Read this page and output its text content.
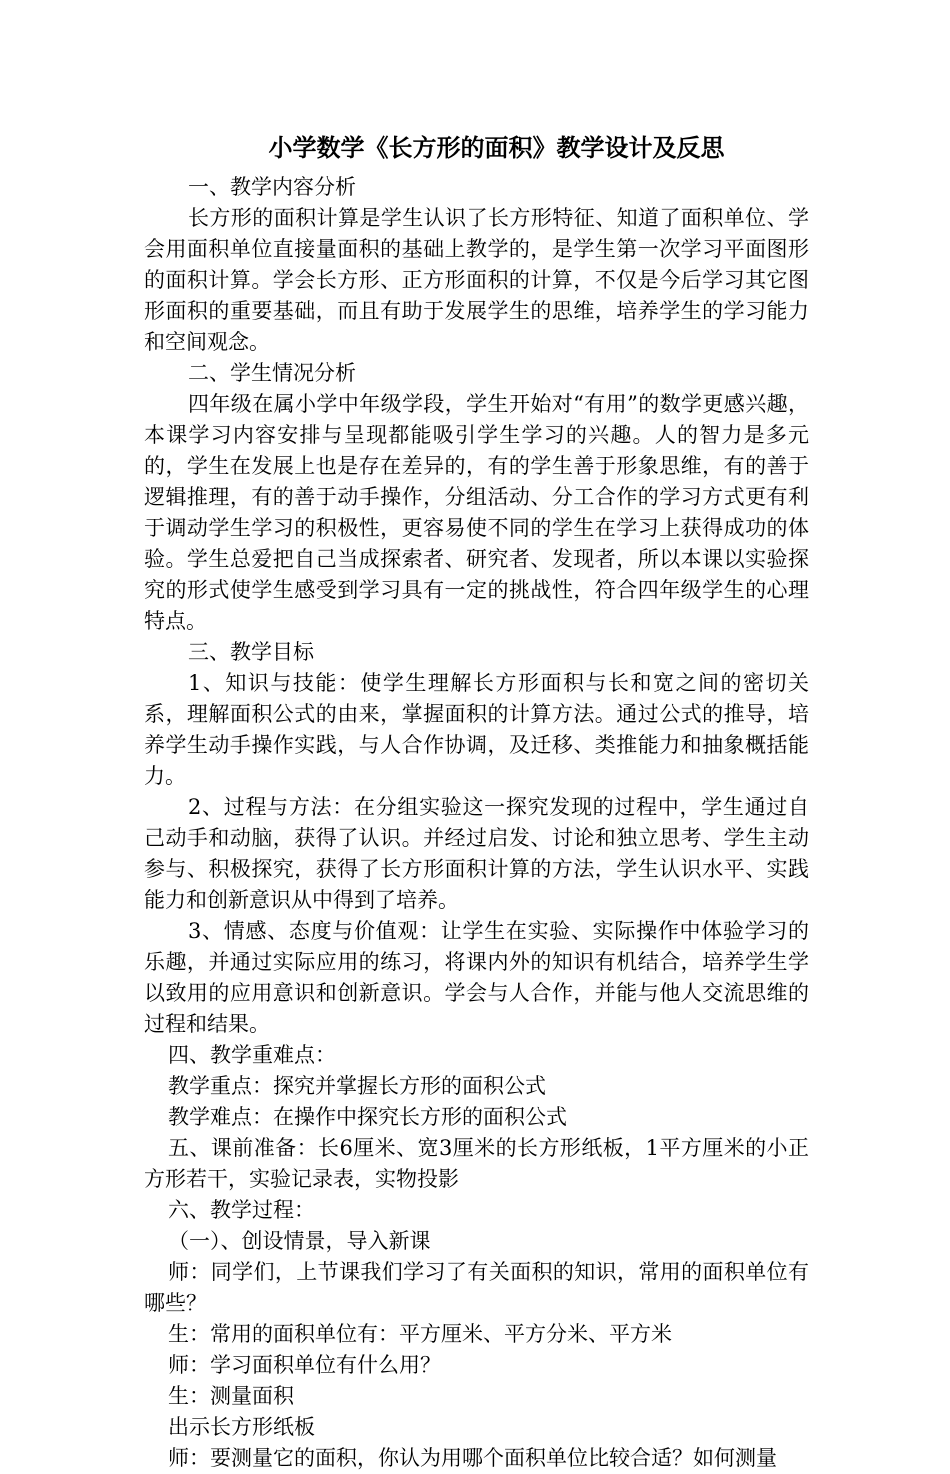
小学数学《长方形的面积》教学设计及反思

一、教学内容分析

长方形的面积计算是学生认识了长方形特征、知道了面积单位、学会用面积单位直接量面积的基础上教学的，是学生第一次学习平面图形的面积计算。学会长方形、正方形面积的计算，不仅是今后学习其它图形面积的重要基础，而且有助于发展学生的思维，培养学生的学习能力和空间观念。

二、学生情况分析

四年级在属小学中年级学段，学生开始对“有用”的数学更感兴趣，本课学习内容安排与呈现都能吸引学生学习的兴趣。人的智力是多元的，学生在发展上也是存在差异的，有的学生善于形象思维，有的善于逻辑推理，有的善于动手操作，分组活动、分工合作的学习方式更有利于调动学生学习的积极性，更容易使不同的学生在学习上获得成功的体验。学生总爱把自己当成探索者、研究者、发现者，所以本课以实验探究的形式使学生感受到学习具有一定的挑战性，符合四年级学生的心理特点。

三、教学目标

1、知识与技能：使学生理解长方形面积与长和宽之间的密切关系，理解面积公式的由来，掌握面积的计算方法。通过公式的推导，培养学生动手操作实践，与人合作协调，及迁移、类推能力和抽象概括能力。

2、过程与方法：在分组实验这一探究发现的过程中，学生通过自己动手和动脑，获得了认识。并经过启发、讨论和独立思考、学生主动参与、积极探究，获得了长方形面积计算的方法，学生认识水平、实践能力和创新意识从中得到了培养。

3、情感、态度与价值观：让学生在实验、实际操作中体验学习的乐趣，并通过实际应用的练习，将课内外的知识有机结合，培养学生学以致用的应用意识和创新意识。学会与人合作，并能与他人交流思维的过程和结果。

四、教学重难点：

教学重点：探究并掌握长方形的面积公式

教学难点：在操作中探究长方形的面积公式

五、课前准备：长6厘米、宽3厘米的长方形纸板，1平方厘米的小正方形若干，实验记录表，实物投影

六、教学过程：

（一）、创设情景，导入新课

师：同学们，上节课我们学习了有关面积的知识，常用的面积单位有哪些？

生：常用的面积单位有：平方厘米、平方分米、平方米

师：学习面积单位有什么用？

生：测量面积

出示长方形纸板

师：要测量它的面积，你认为用哪个面积单位比较合适？如何测量
